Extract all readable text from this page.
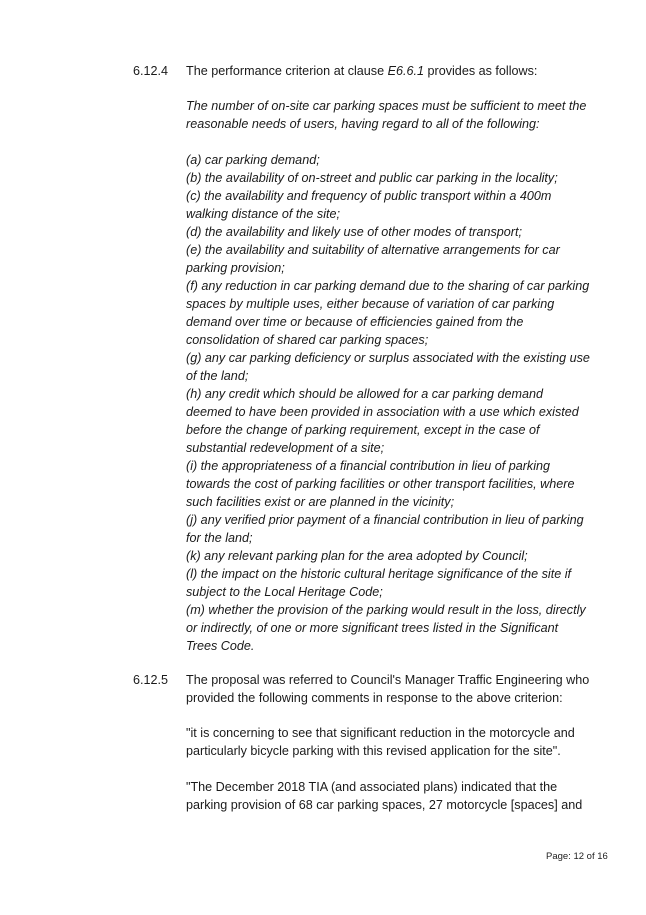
6.12.4 The performance criterion at clause E6.6.1 provides as follows:
The number of on-site car parking spaces must be sufficient to meet the
reasonable needs of users, having regard to all of the following:
(a) car parking demand;
(b) the availability of on-street and public car parking in the locality;
(c) the availability and frequency of public transport within a 400m
walking distance of the site;
(d) the availability and likely use of other modes of transport;
(e) the availability and suitability of alternative arrangements for car
parking provision;
(f) any reduction in car parking demand due to the sharing of car parking
spaces by multiple uses, either because of variation of car parking
demand over time or because of efficiencies gained from the
consolidation of shared car parking spaces;
(g) any car parking deficiency or surplus associated with the existing use
of the land;
(h) any credit which should be allowed for a car parking demand
deemed to have been provided in association with a use which existed
before the change of parking requirement, except in the case of
substantial redevelopment of a site;
(i) the appropriateness of a financial contribution in lieu of parking
towards the cost of parking facilities or other transport facilities, where
such facilities exist or are planned in the vicinity;
(j) any verified prior payment of a financial contribution in lieu of parking
for the land;
(k) any relevant parking plan for the area adopted by Council;
(l) the impact on the historic cultural heritage significance of the site if
subject to the Local Heritage Code;
(m) whether the provision of the parking would result in the loss, directly
or indirectly, of one or more significant trees listed in the Significant
Trees Code.
6.12.5 The proposal was referred to Council's Manager Traffic Engineering who
provided the following comments in response to the above criterion:
"it is concerning to see that significant reduction in the motorcycle and
particularly bicycle parking with this revised application for the site".
"The December 2018 TIA (and associated plans) indicated that the
parking provision of 68 car parking spaces, 27 motorcycle [spaces] and
Page: 12 of 16
